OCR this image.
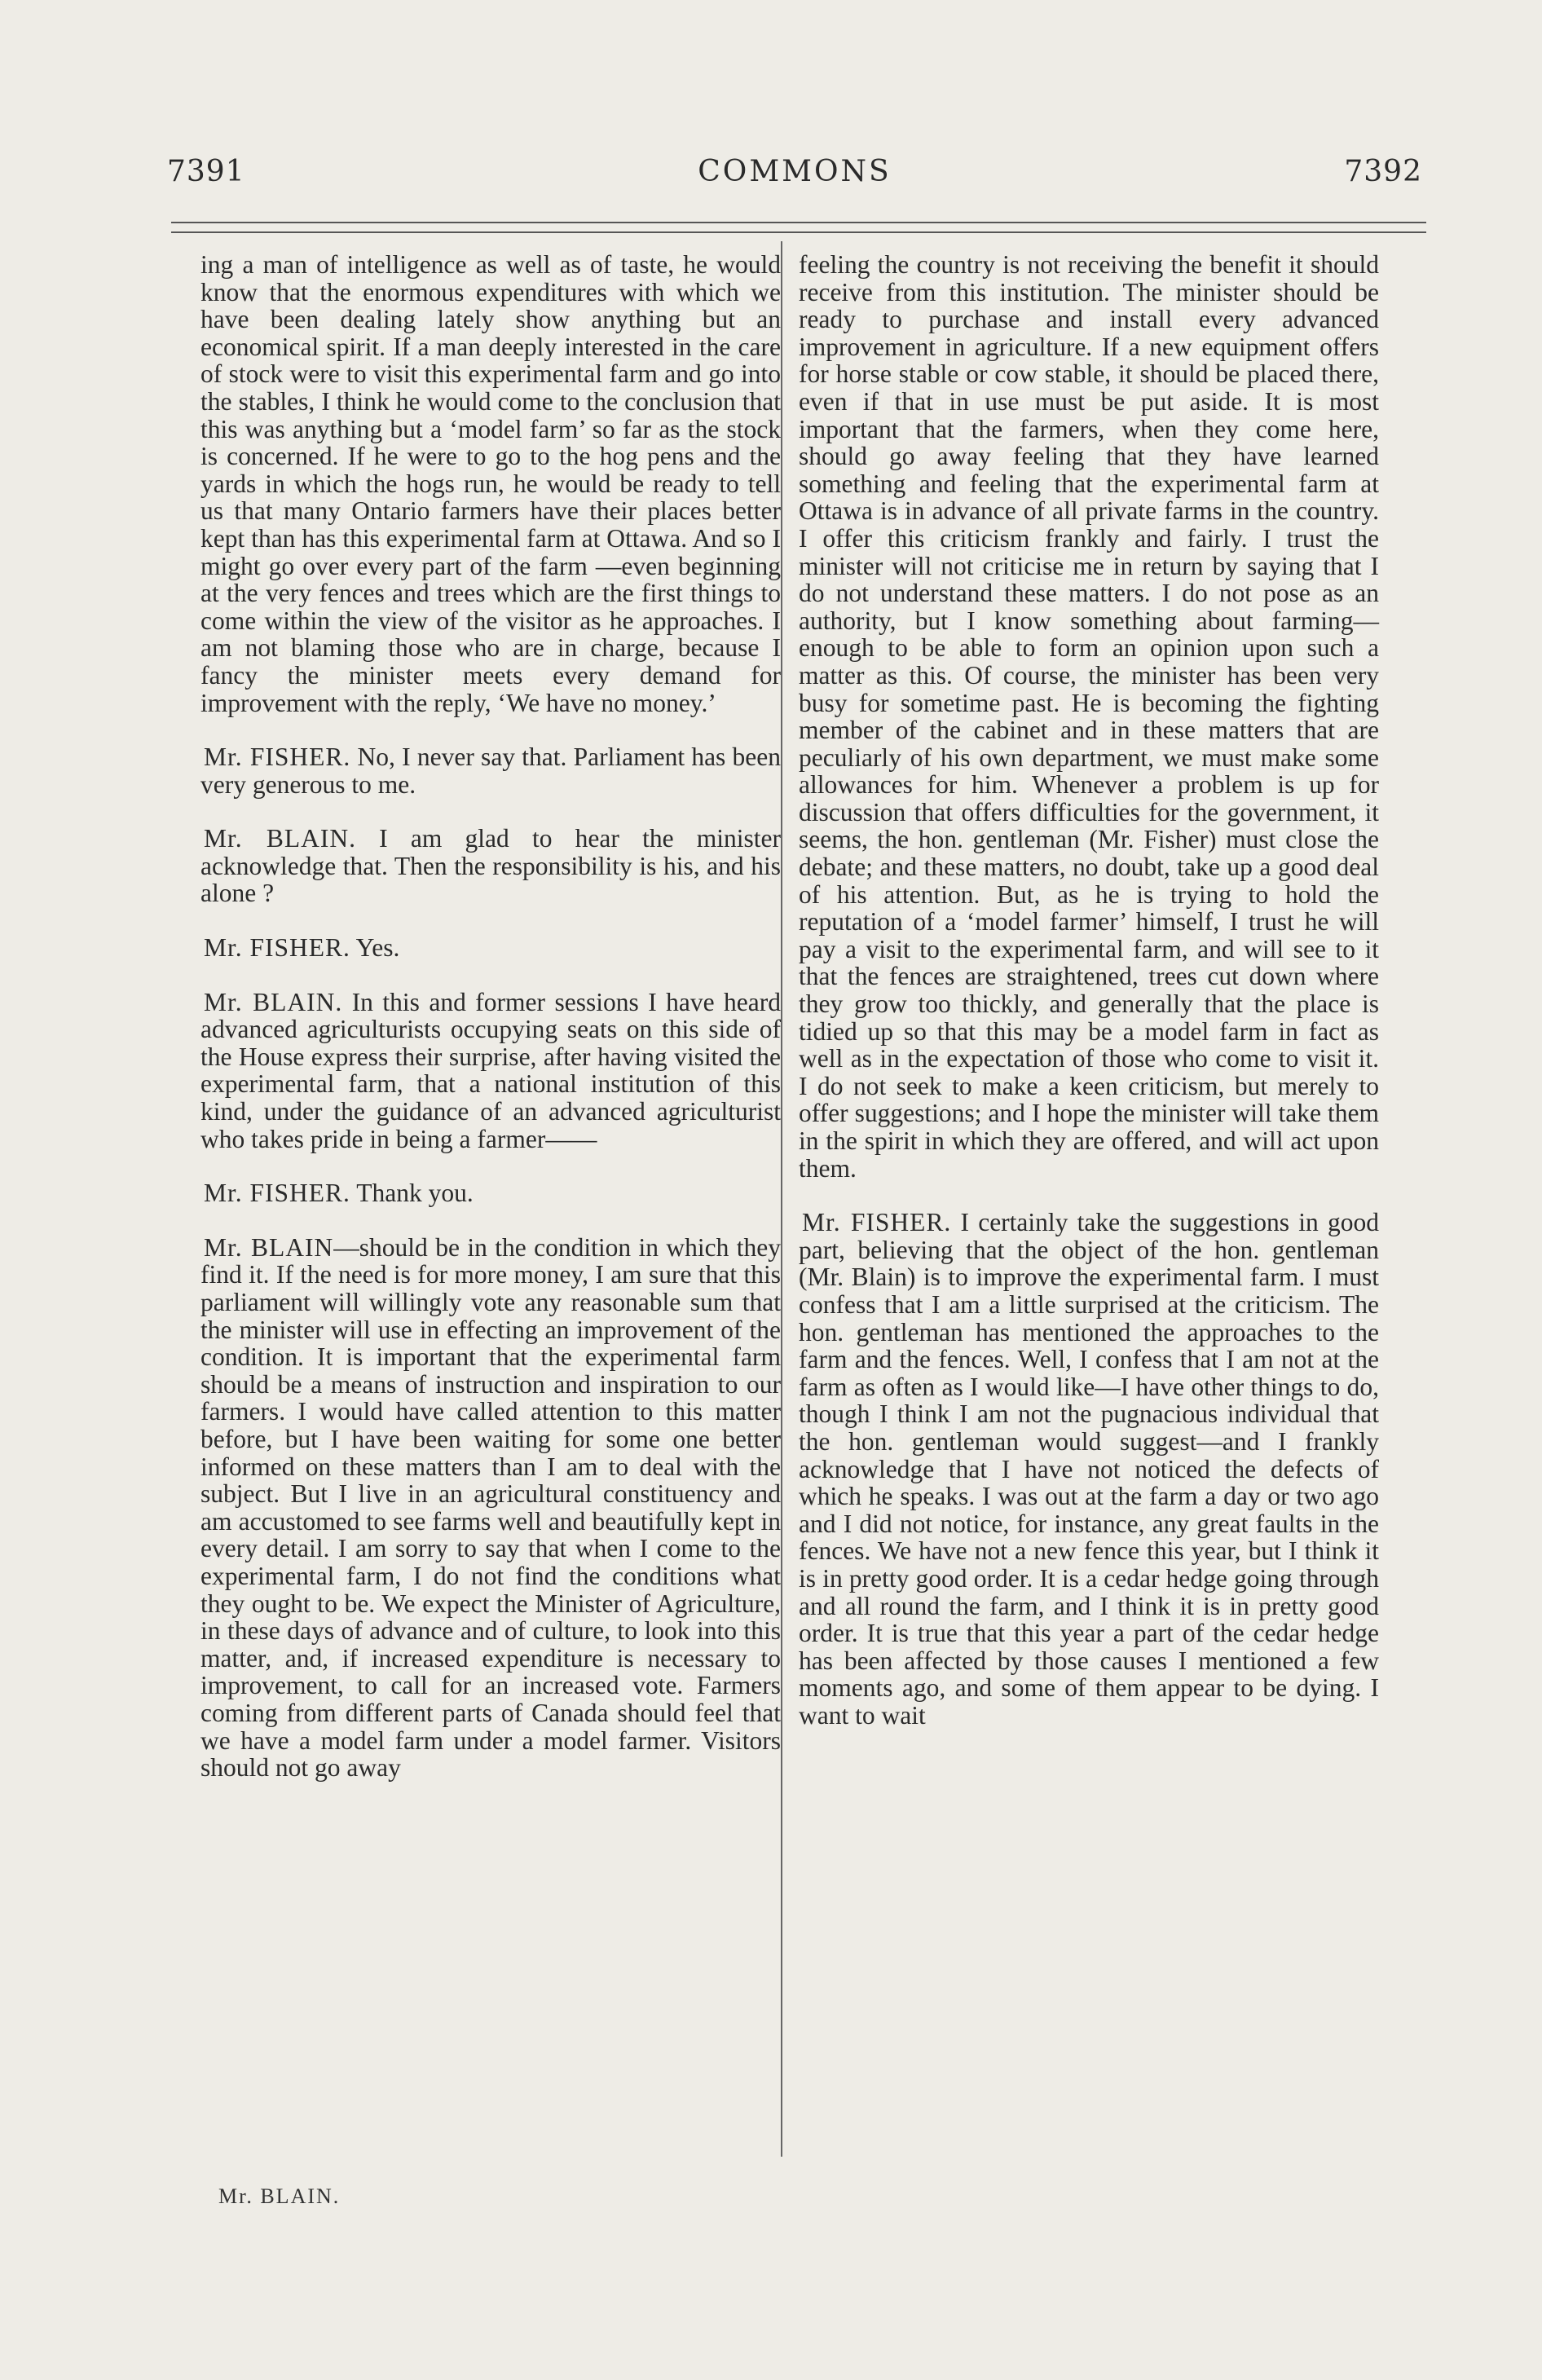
7391	COMMONS	7392

ing a man of intelligence as well as of taste, he would know that the enormous expenditures with which we have been dealing lately show anything but an economical spirit. If a man deeply interested in the care of stock were to visit this experimental farm and go into the stables, I think he would come to the conclusion that this was anything but a ‘model farm’ so far as the stock is concerned. If he were to go to the hog pens and the yards in which the hogs run, he would be ready to tell us that many Ontario farmers have their places better kept than has this experimental farm at Ottawa. And so I might go over every part of the farm —even beginning at the very fences and trees which are the first things to come within the view of the visitor as he approaches. I am not blaming those who are in charge, because I fancy the minister meets every demand for improvement with the reply, ‘We have no money.’

Mr. FISHER. No, I never say that. Parliament has been very generous to me.

Mr. BLAIN. I am glad to hear the minister acknowledge that. Then the responsibility is his, and his alone ?

Mr. FISHER. Yes.

Mr. BLAIN. In this and former sessions I have heard advanced agriculturists occupying seats on this side of the House express their surprise, after having visited the experimental farm, that a national institution of this kind, under the guidance of an advanced agriculturist who takes pride in being a farmer——

Mr. FISHER. Thank you.

Mr. BLAIN—should be in the condition in which they find it. If the need is for more money, I am sure that this parliament will willingly vote any reasonable sum that the minister will use in effecting an improvement of the condition. It is important that the experimental farm should be a means of instruction and inspiration to our farmers. I would have called attention to this matter before, but I have been waiting for some one better informed on these matters than I am to deal with the subject. But I live in an agricultural constituency and am accustomed to see farms well and beautifully kept in every detail. I am sorry to say that when I come to the experimental farm, I do not find the conditions what they ought to be. We expect the Minister of Agriculture, in these days of advance and of culture, to look into this matter, and, if increased expenditure is necessary to improvement, to call for an increased vote. Farmers coming from different parts of Canada should feel that we have a model farm under a model farmer. Visitors should not go away

feeling the country is not receiving the benefit it should receive from this institution. The minister should be ready to purchase and install every advanced improvement in agriculture. If a new equipment offers for horse stable or cow stable, it should be placed there, even if that in use must be put aside. It is most important that the farmers, when they come here, should go away feeling that they have learned something and feeling that the experimental farm at Ottawa is in advance of all private farms in the country. I offer this criticism frankly and fairly. I trust the minister will not criticise me in return by saying that I do not understand these matters. I do not pose as an authority, but I know something about farming—enough to be able to form an opinion upon such a matter as this. Of course, the minister has been very busy for sometime past. He is becoming the fighting member of the cabinet and in these matters that are peculiarly of his own department, we must make some allowances for him. Whenever a problem is up for discussion that offers difficulties for the government, it seems, the hon. gentleman (Mr. Fisher) must close the debate; and these matters, no doubt, take up a good deal of his attention. But, as he is trying to hold the reputation of a ‘model farmer’ himself, I trust he will pay a visit to the experimental farm, and will see to it that the fences are straightened, trees cut down where they grow too thickly, and generally that the place is tidied up so that this may be a model farm in fact as well as in the expectation of those who come to visit it. I do not seek to make a keen criticism, but merely to offer suggestions; and I hope the minister will take them in the spirit in which they are offered, and will act upon them.

Mr. FISHER. I certainly take the suggestions in good part, believing that the object of the hon. gentleman (Mr. Blain) is to improve the experimental farm. I must confess that I am a little surprised at the criticism. The hon. gentleman has mentioned the approaches to the farm and the fences. Well, I confess that I am not at the farm as often as I would like—I have other things to do, though I think I am not the pugnacious individual that the hon. gentleman would suggest—and I frankly acknowledge that I have not noticed the defects of which he speaks. I was out at the farm a day or two ago and I did not notice, for instance, any great faults in the fences. We have not a new fence this year, but I think it is in pretty good order. It is a cedar hedge going through and all round the farm, and I think it is in pretty good order. It is true that this year a part of the cedar hedge has been affected by those causes I mentioned a few moments ago, and some of them appear to be dying. I want to wait

Mr. BLAIN.
